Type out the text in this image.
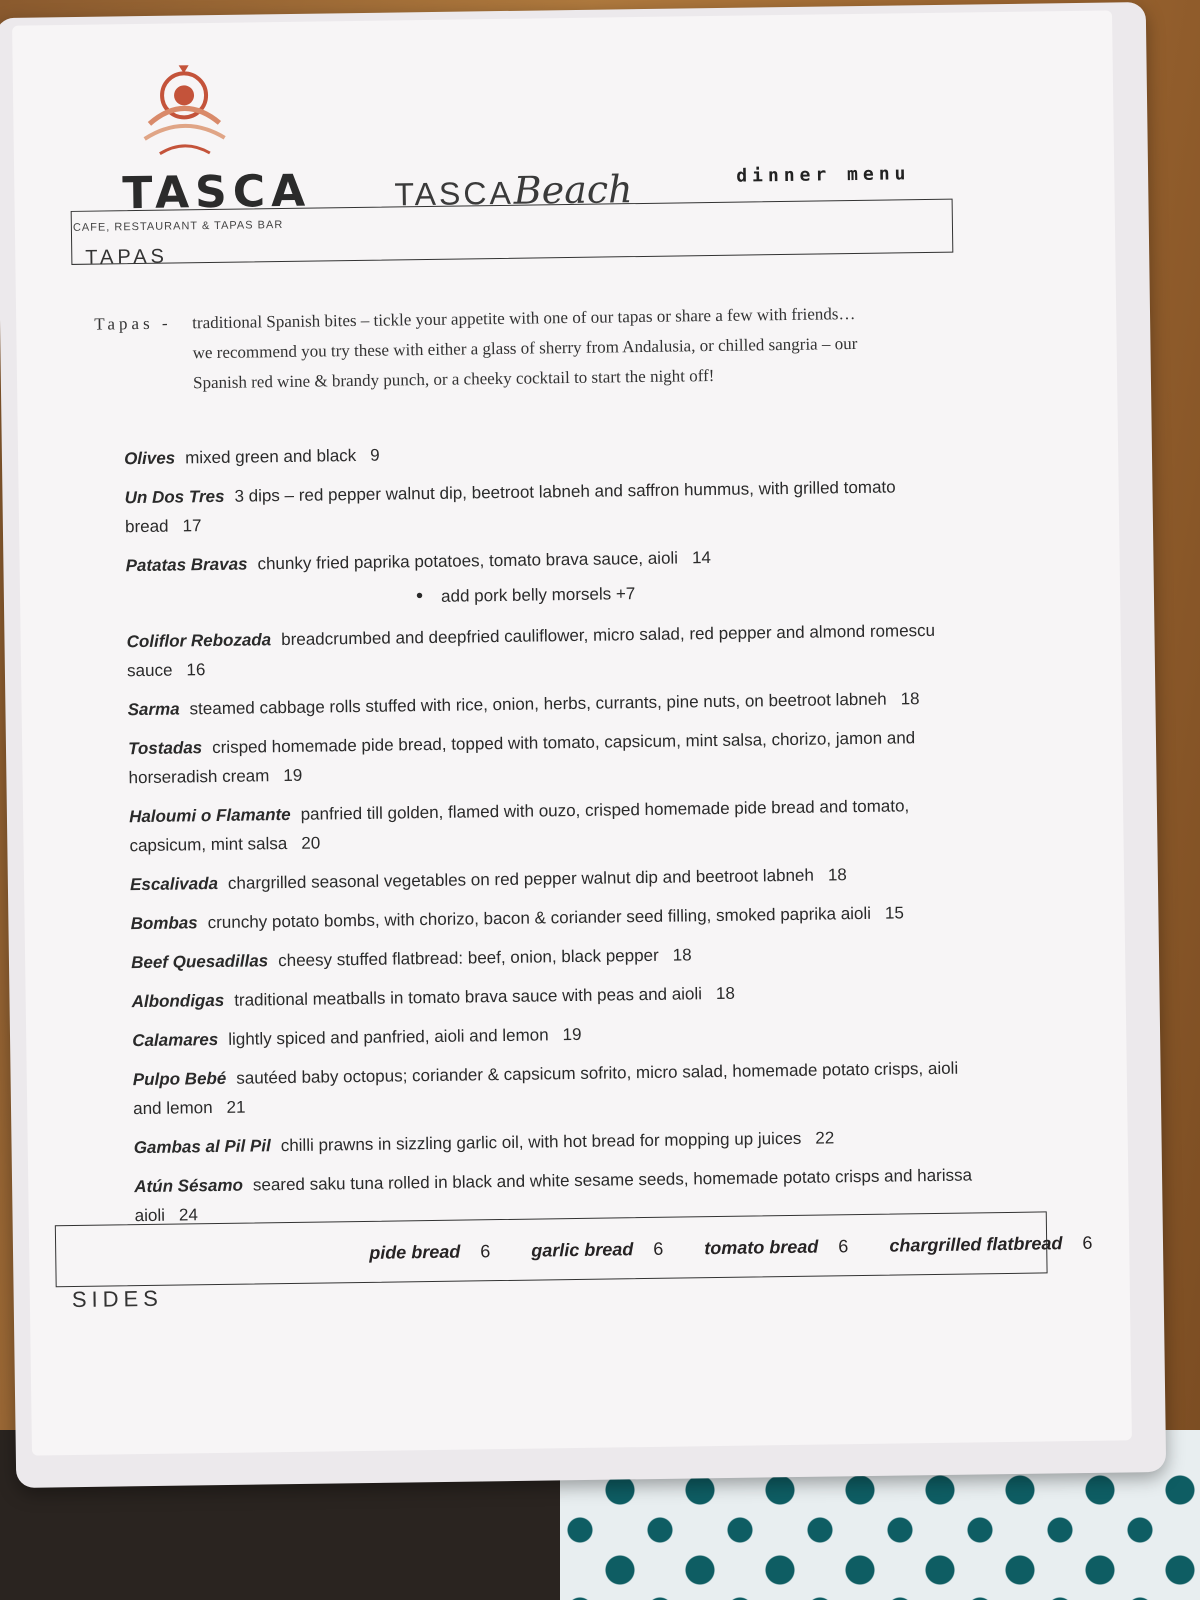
TASCA
CAFE, RESTAURANT & TAPAS BAR
TASCABeach	dinner menu
TAPAS
Tapas - traditional Spanish bites – tickle your appetite with one of our tapas or share a few with friends… we recommend you try these with either a glass of sherry from Andalusia, or chilled sangria – our Spanish red wine & brandy punch, or a cheeky cocktail to start the night off!
Olives mixed green and black 9
Un Dos Tres 3 dips – red pepper walnut dip, beetroot labneh and saffron hummus, with grilled tomato bread 17
Patatas Bravas chunky fried paprika potatoes, tomato brava sauce, aioli 14
• add pork belly morsels +7
Coliflor Rebozada breadcrumbed and deepfried cauliflower, micro salad, red pepper and almond romescu sauce 16
Sarma steamed cabbage rolls stuffed with rice, onion, herbs, currants, pine nuts, on beetroot labneh 18
Tostadas crisped homemade pide bread, topped with tomato, capsicum, mint salsa, chorizo, jamon and horseradish cream 19
Haloumi o Flamante panfried till golden, flamed with ouzo, crisped homemade pide bread and tomato, capsicum, mint salsa 20
Escalivada chargrilled seasonal vegetables on red pepper walnut dip and beetroot labneh 18
Bombas crunchy potato bombs, with chorizo, bacon & coriander seed filling, smoked paprika aioli 15
Beef Quesadillas cheesy stuffed flatbread: beef, onion, black pepper 18
Albondigas traditional meatballs in tomato brava sauce with peas and aioli 18
Calamares lightly spiced and panfried, aioli and lemon 19
Pulpo Bebé sautéed baby octopus; coriander & capsicum sofrito, micro salad, homemade potato crisps, aioli and lemon 21
Gambas al Pil Pil chilli prawns in sizzling garlic oil, with hot bread for mopping up juices 22
Atún Sésamo seared saku tuna rolled in black and white sesame seeds, homemade potato crisps and harissa aioli 24
SIDES
pide bread 6 garlic bread 6 tomato bread 6 chargrilled flatbread 6
